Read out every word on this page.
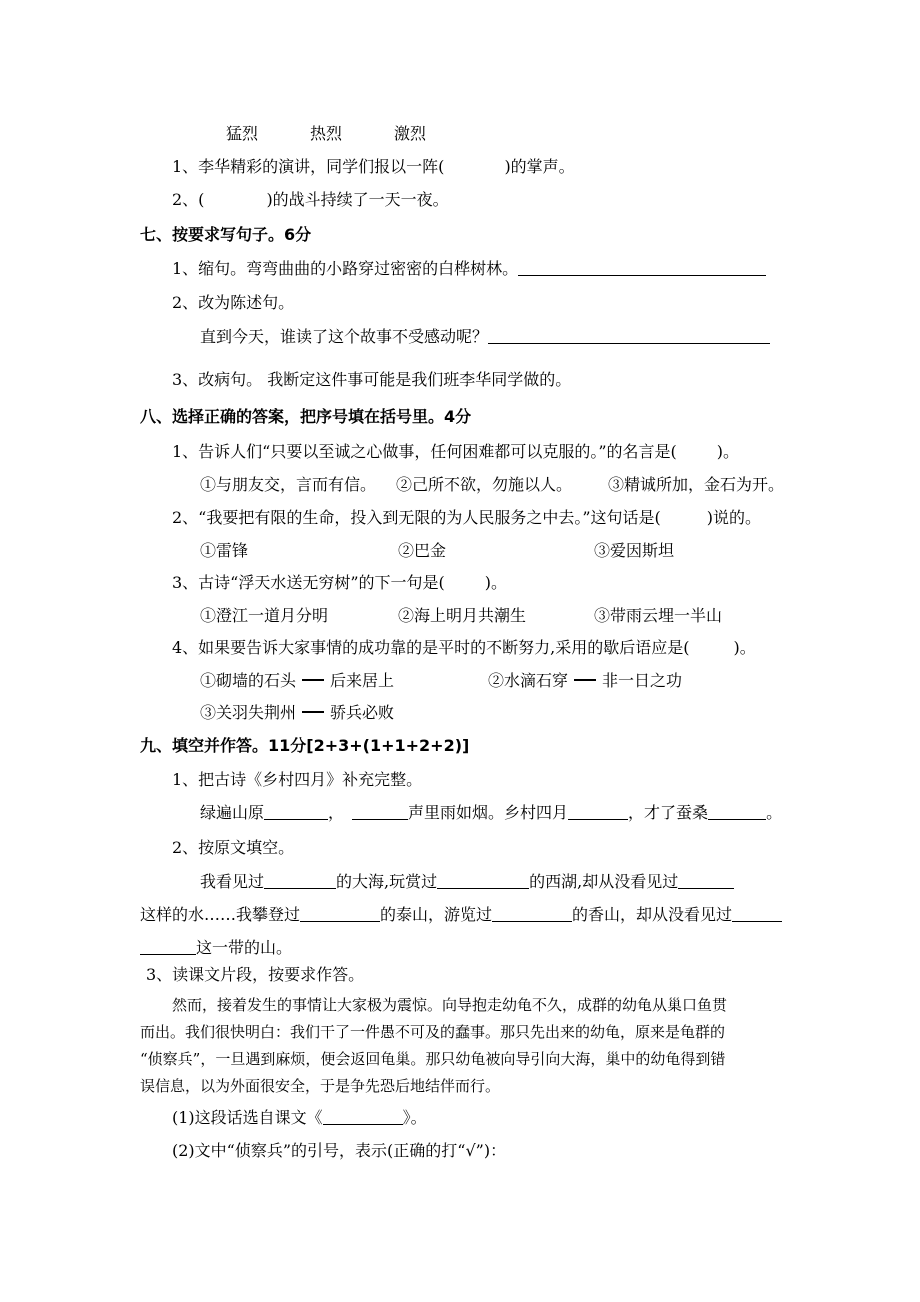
猛烈	热烈	激烈
1、李华精彩的演讲，同学们报以一阵(	)的掌声。
2、(	)的战斗持续了一天一夜。
七、按要求写句子。6分
1、缩句。弯弯曲曲的小路穿过密密的白桦树林。
2、改为陈述句。
直到今天，谁读了这个故事不受感动呢？
3、改病句。 我断定这件事可能是我们班李华同学做的。
八、选择正确的答案，把序号填在括号里。4分
1、告诉人们“只要以至诚之心做事，任何困难都可以克服的。”的名言是(	)。
①与朋友交，言而有信。 ②己所不欲，勿施以人。 ③精诚所加，金石为开。
2、“我要把有限的生命，投入到无限的为人民服务之中去。”这句话是(	)说的。
①雷锋	②巴金	③爱因斯坦
3、古诗“浮天水送无穷树”的下一句是(	)。
①澄江一道月分明	②海上明月共潮生	③带雨云埋一半山
4、如果要告诉大家事情的成功靠的是平时的不断努力,采用的歇后语应是(	)。
①砌墙的石头 后来居上	②水滴石穿 非一日之功
③关羽失荆州 骄兵必败
九、填空并作答。11分[2+3+(1+1+2+2)]
1、把古诗《乡村四月》补充完整。
绿遍山原	，	声里雨如烟。乡村四月	，才了蚕桑	。
2、按原文填空。
我看见过	的大海,玩赏过	的西湖,却从没看见过
这样的水……我攀登过	的泰山，游览过	的香山，却从没看见过
这一带的山。
3、读课文片段，按要求作答。
然而，接着发生的事情让大家极为震惊。向导抱走幼龟不久，成群的幼龟从巢口鱼贯
而出。我们很快明白：我们干了一件愚不可及的蠢事。那只先出来的幼龟，原来是龟群的
“侦察兵”，一旦遇到麻烦，便会返回龟巢。那只幼龟被向导引向大海，巢中的幼龟得到错
误信息，以为外面很安全，于是争先恐后地结伴而行。
(1)这段话选自课文《	》。
(2)文中“侦察兵”的引号，表示(正确的打“√”)：
